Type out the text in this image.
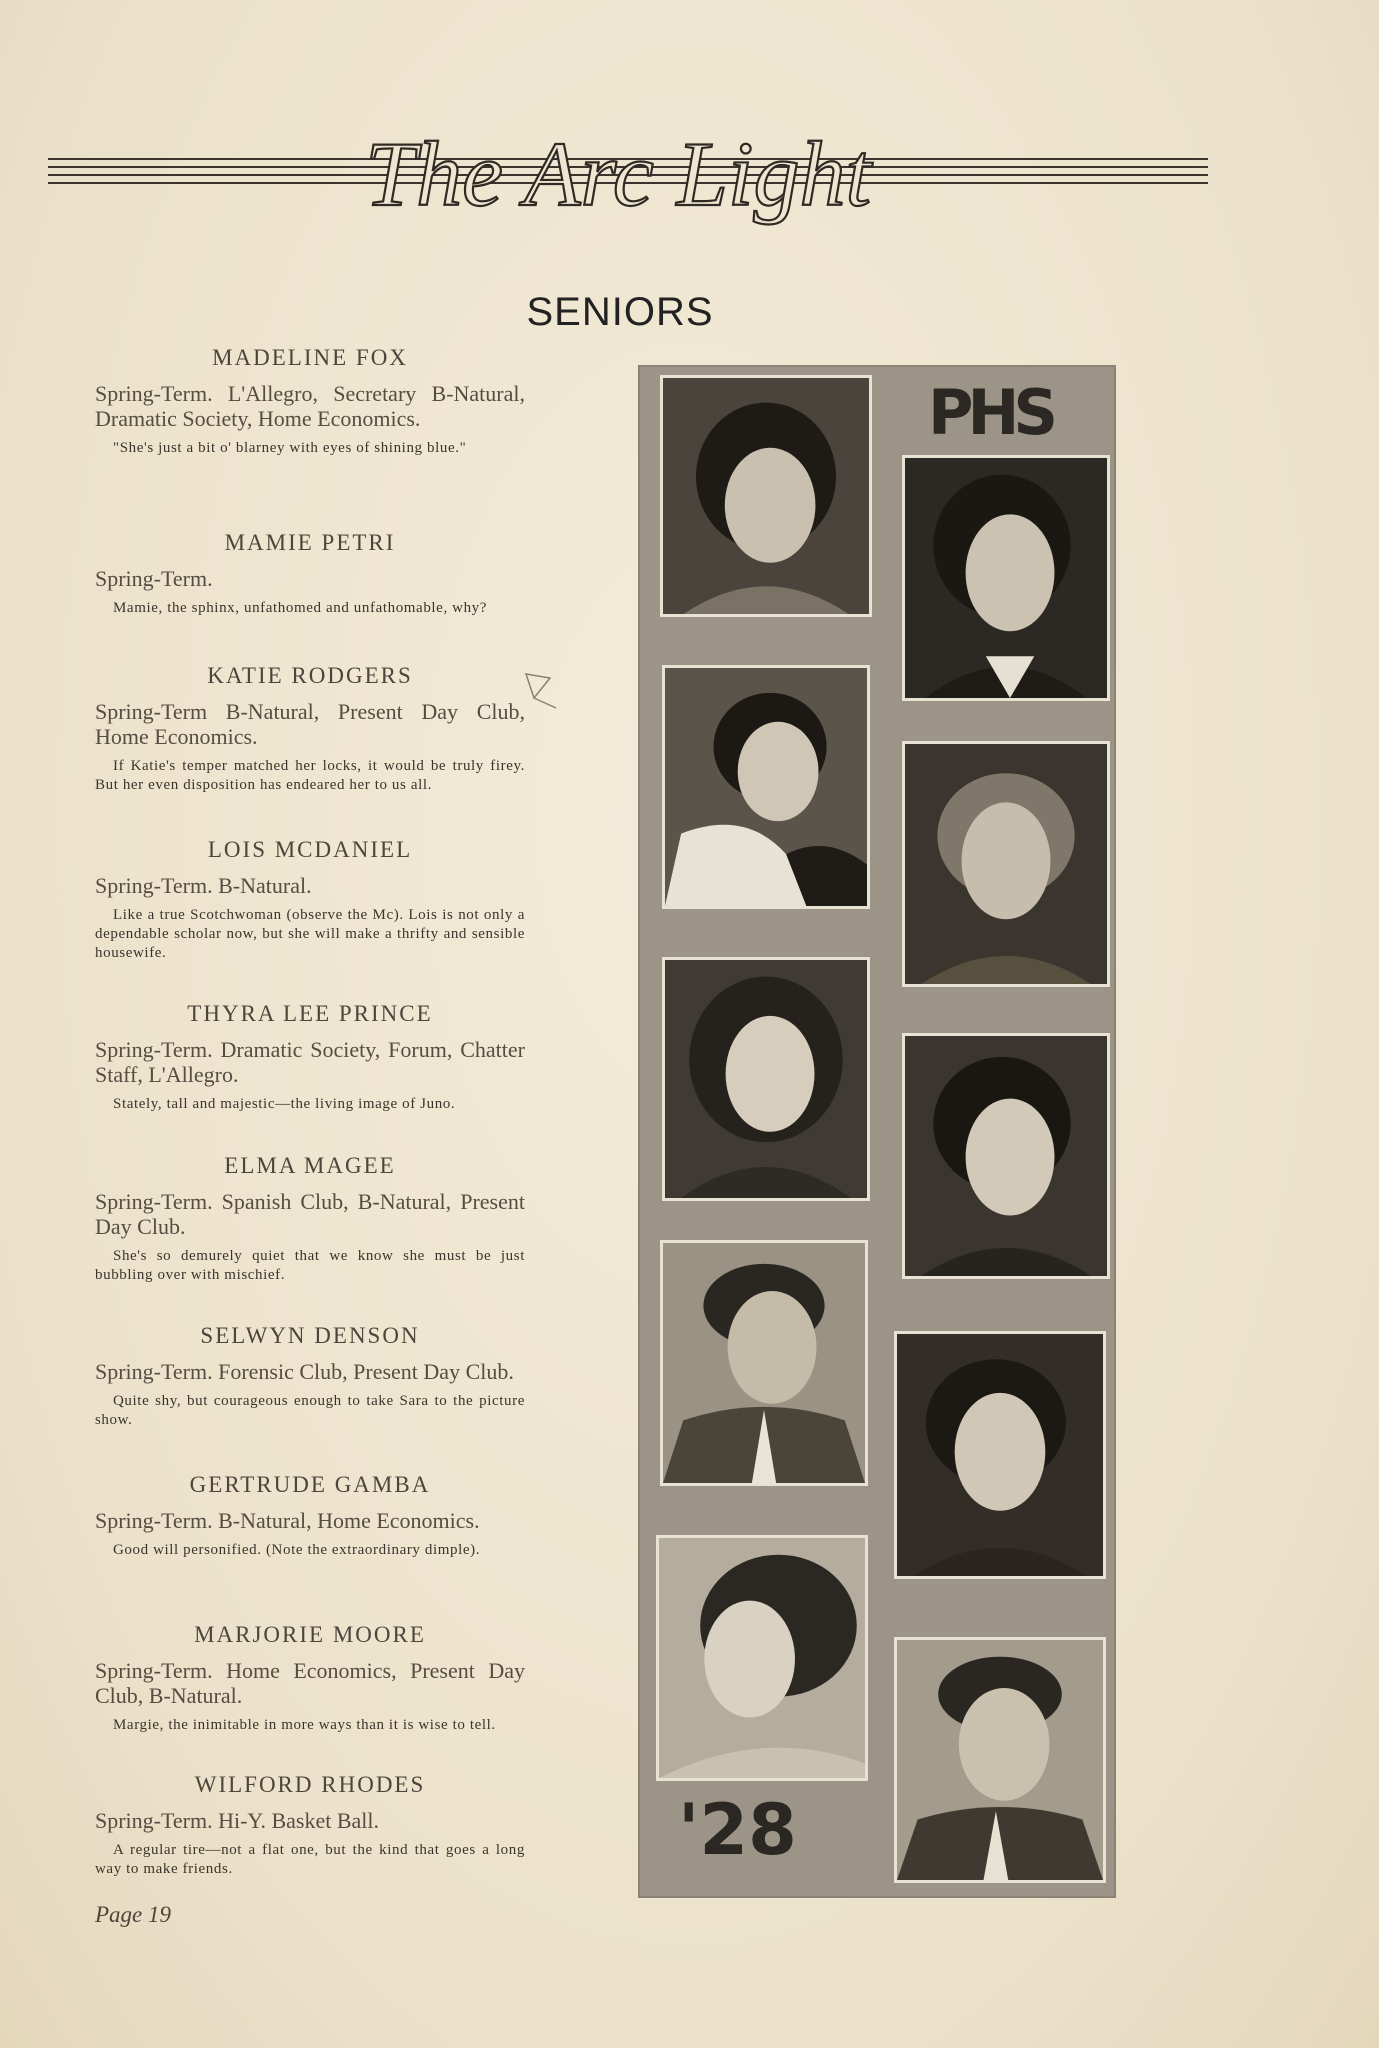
The Arc Light
SENIORS
MADELINE FOX
Spring-Term. L'Allegro, Secretary B-Natural, Dramatic Society, Home Economics.
"She's just a bit o' blarney with eyes of shining blue."
MAMIE PETRI
Spring-Term.
Mamie, the sphinx, unfathomed and unfathomable, why?
KATIE RODGERS
Spring-Term B-Natural, Present Day Club, Home Economics.
If Katie's temper matched her locks, it would be truly firey. But her even disposition has endeared her to us all.
LOIS MCDANIEL
Spring-Term. B-Natural.
Like a true Scotchwoman (observe the Mc). Lois is not only a dependable scholar now, but she will make a thrifty and sensible housewife.
THYRA LEE PRINCE
Spring-Term. Dramatic Society, Forum, Chatter Staff, L'Allegro.
Stately, tall and majestic—the living image of Juno.
ELMA MAGEE
Spring-Term. Spanish Club, B-Natural, Present Day Club.
She's so demurely quiet that we know she must be just bubbling over with mischief.
SELWYN DENSON
Spring-Term. Forensic Club, Present Day Club.
Quite shy, but courageous enough to take Sara to the picture show.
GERTRUDE GAMBA
Spring-Term. B-Natural, Home Economics.
Good will personified. (Note the extraordinary dimple).
MARJORIE MOORE
Spring-Term. Home Economics, Present Day Club, B-Natural.
Margie, the inimitable in more ways than it is wise to tell.
WILFORD RHODES
Spring-Term. Hi-Y. Basket Ball.
A regular tire—not a flat one, but the kind that goes a long way to make friends.
Page 19
PHS
'28
